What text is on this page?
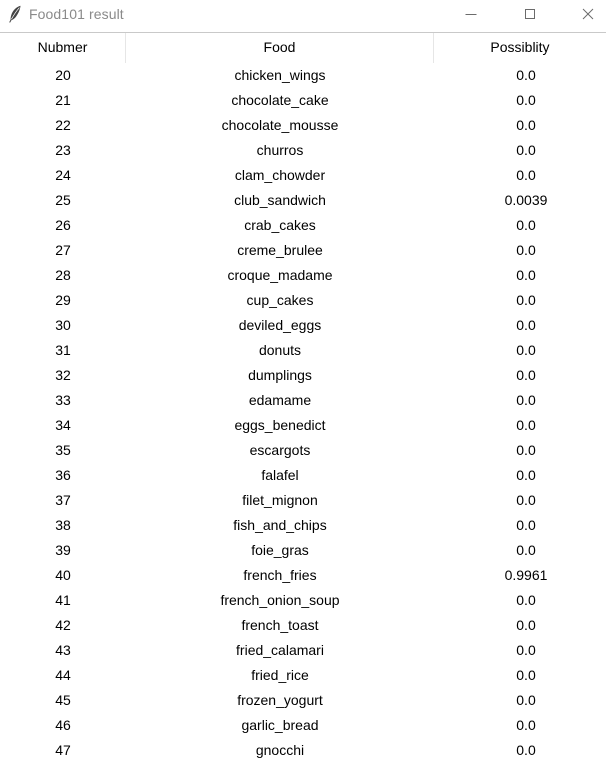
Food101 result
Nubmer	Food	Possiblity
20	chicken_wings	0.0
21	chocolate_cake	0.0
22	chocolate_mousse	0.0
23	churros	0.0
24	clam_chowder	0.0
25	club_sandwich	0.0039
26	crab_cakes	0.0
27	creme_brulee	0.0
28	croque_madame	0.0
29	cup_cakes	0.0
30	deviled_eggs	0.0
31	donuts	0.0
32	dumplings	0.0
33	edamame	0.0
34	eggs_benedict	0.0
35	escargots	0.0
36	falafel	0.0
37	filet_mignon	0.0
38	fish_and_chips	0.0
39	foie_gras	0.0
40	french_fries	0.9961
41	french_onion_soup	0.0
42	french_toast	0.0
43	fried_calamari	0.0
44	fried_rice	0.0
45	frozen_yogurt	0.0
46	garlic_bread	0.0
47	gnocchi	0.0
